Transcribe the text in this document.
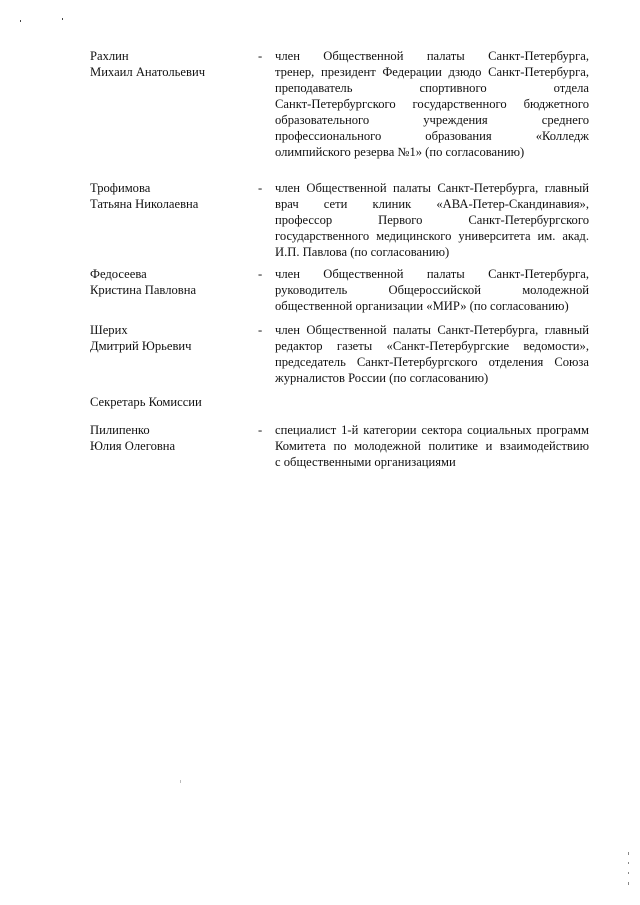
Рахлин
Михаил Анатольевич
-	член Общественной палаты Санкт-Петербурга,
тренер, президент Федерации дзюдо Санкт-Петербурга,
преподаватель спортивного отдела
Санкт-Петербургского государственного бюджетного
образовательного учреждения среднего
профессионального образования «Колледж
олимпийского резерва №1» (по согласованию)
Трофимова
Татьяна Николаевна
-	член Общественной палаты Санкт-Петербурга, главный
врач сети клиник «АВА-Петер-Скандинавия»,
профессор Первого Санкт-Петербургского
государственного медицинского университета им. акад.
И.П. Павлова (по согласованию)
Федосеева
Кристина Павловна
-	член Общественной палаты Санкт-Петербурга,
руководитель Общероссийской молодежной
общественной организации «МИР» (по согласованию)
Шерих
Дмитрий Юрьевич
-	член Общественной палаты Санкт-Петербурга, главный
редактор газеты «Санкт-Петербургские ведомости»,
председатель Санкт-Петербургского отделения Союза
журналистов России (по согласованию)
Секретарь Комиссии
Пилипенко
Юлия Олеговна
-	специалист 1-й категории сектора социальных программ
Комитета по молодежной политике и взаимодействию
с общественными организациями
